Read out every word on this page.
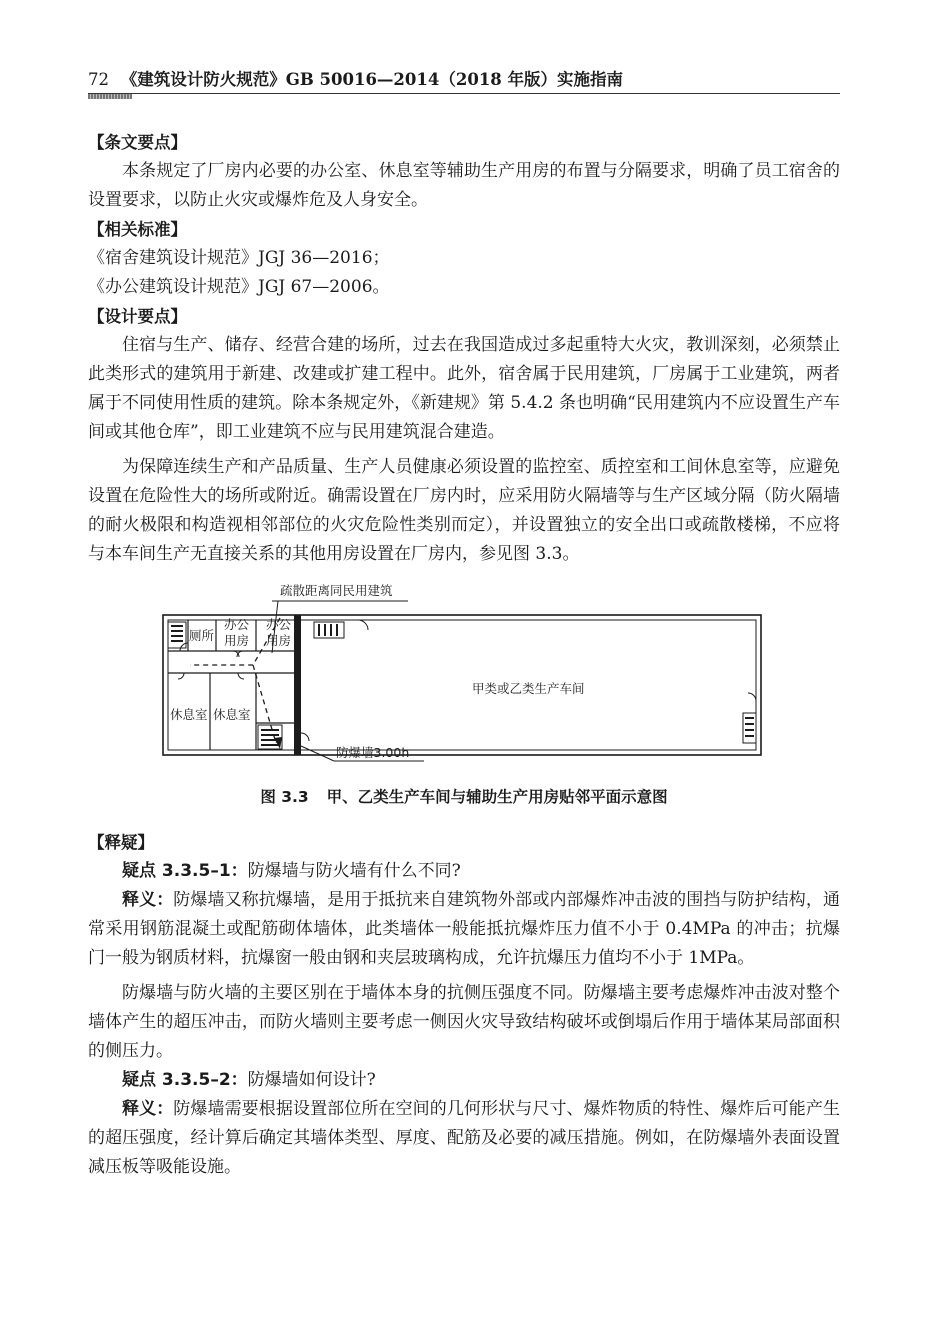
72 《建筑设计防火规范》GB 50016—2014（2018 年版）实施指南
【条文要点】

本条规定了厂房内必要的办公室、休息室等辅助生产用房的布置与分隔要求，明确了员工宿舍的设置要求，以防止火灾或爆炸危及人身安全。

【相关标准】

《宿舍建筑设计规范》JGJ 36—2016；

《办公建筑设计规范》JGJ 67—2006。

【设计要点】

住宿与生产、储存、经营合建的场所，过去在我国造成过多起重特大火灾，教训深刻，必须禁止此类形式的建筑用于新建、改建或扩建工程中。此外，宿舍属于民用建筑，厂房属于工业建筑，两者属于不同使用性质的建筑。除本条规定外，《新建规》第 5.4.2 条也明确“民用建筑内不应设置生产车间或其他仓库”，即工业建筑不应与民用建筑混合建造。

为保障连续生产和产品质量、生产人员健康必须设置的监控室、质控室和工间休息室等，应避免设置在危险性大的场所或附近。确需设置在厂房内时，应采用防火隔墙等与生产区域分隔（防火隔墙的耐火极限和构造视相邻部位的火灾危险性类别而定），并设置独立的安全出口或疏散楼梯，不应将与本车间生产无直接关系的其他用房设置在厂房内，参见图 3.3。

疏散距离同民用建筑
厕所
办公
用房
办公
用房
休息室 休息室
甲类或乙类生产车间
防爆墙3.00h
图 3.3 甲、乙类生产车间与辅助生产用房贴邻平面示意图
【释疑】

疑点 3.3.5–1：防爆墙与防火墙有什么不同?

释义：防爆墙又称抗爆墙，是用于抵抗来自建筑物外部或内部爆炸冲击波的围挡与防护结构，通常采用钢筋混凝土或配筋砌体墙体，此类墙体一般能抵抗爆炸压力值不小于 0.4MPa 的冲击；抗爆门一般为钢质材料，抗爆窗一般由钢和夹层玻璃构成，允许抗爆压力值均不小于 1MPa。

防爆墙与防火墙的主要区别在于墙体本身的抗侧压强度不同。防爆墙主要考虑爆炸冲击波对整个墙体产生的超压冲击，而防火墙则主要考虑一侧因火灾导致结构破坏或倒塌后作用于墙体某局部面积的侧压力。

疑点 3.3.5–2：防爆墙如何设计?

释义：防爆墙需要根据设置部位所在空间的几何形状与尺寸、爆炸物质的特性、爆炸后可能产生的超压强度，经计算后确定其墙体类型、厚度、配筋及必要的减压措施。例如，在防爆墙外表面设置减压板等吸能设施。
